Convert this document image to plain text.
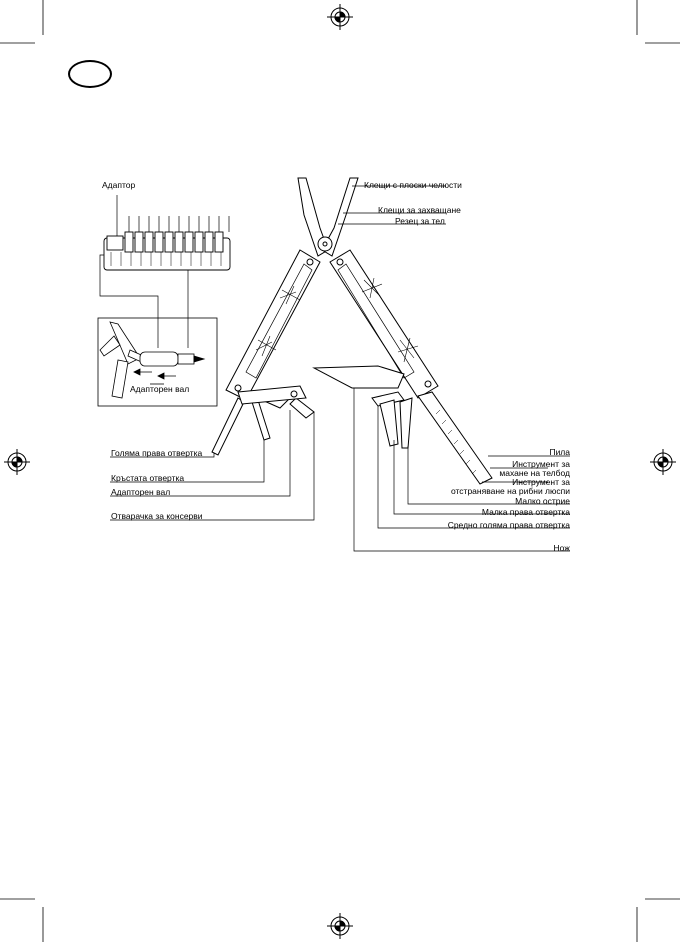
Адаптор
Адаптoрен вал
Клещи с плоски челюсти
Клещи за захващане
Резец за тел
Голяма права отвертка
Кръстата отвертка
Адаптoрен вал
Отварачка за консерви
Пила
Инструмент за
махане на телбод
Инструмент за
отстраняване на рибни люспи
Малко острие
Малка права отвертка
Средно голяма права отвертка
Нож
